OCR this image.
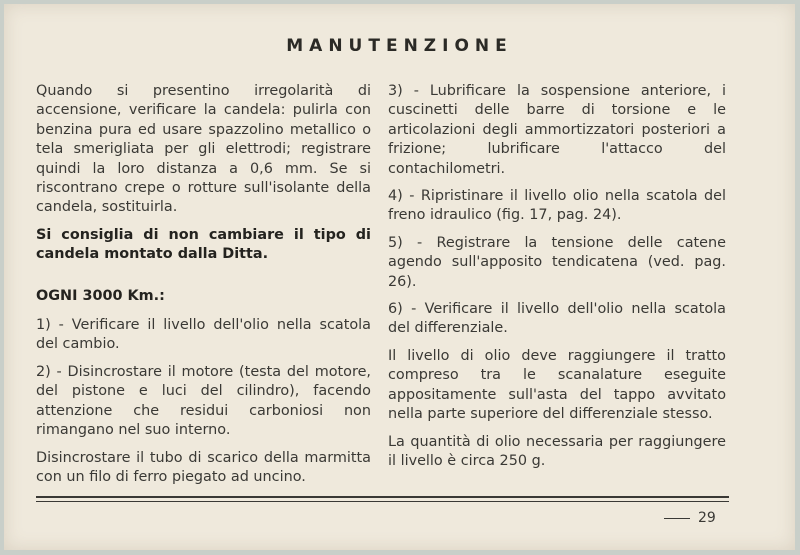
MANUTENZIONE

Quando si presentino irregolarità di accensione, verificare la candela: pulirla con benzina pura ed usare spazzolino metallico o tela smerigliata per gli elettrodi; registrare quindi la loro distanza a 0,6 mm. Se si riscontrano crepe o rotture sull'isolante della candela, sostituirla.

Si consiglia di non cambiare il tipo di candela montato dalla Ditta.

OGNI 3000 Km.:

1) - Verificare il livello dell'olio nella scatola del cambio.

2) - Disincrostare il motore (testa del motore, del pistone e luci del cilindro), facendo attenzione che residui carboniosi non rimangano nel suo interno.

Disincrostare il tubo di scarico della marmitta con un filo di ferro piegato ad uncino.

3) - Lubrificare la sospensione anteriore, i cuscinetti delle barre di torsione e le articolazioni degli ammortizzatori posteriori a frizione; lubrificare l'attacco del contachilometri.

4) - Ripristinare il livello olio nella scatola del freno idraulico (fig. 17, pag. 24).

5) - Registrare la tensione delle catene agendo sull'apposito tendicatena (ved. pag. 26).

6) - Verificare il livello dell'olio nella scatola del differenziale.

Il livello di olio deve raggiungere il tratto compreso tra le scanalature eseguite appositamente sull'asta del tappo avvitato nella parte superiore del differenziale stesso.

La quantità di olio necessaria per raggiungere il livello è circa 250 g.

29
